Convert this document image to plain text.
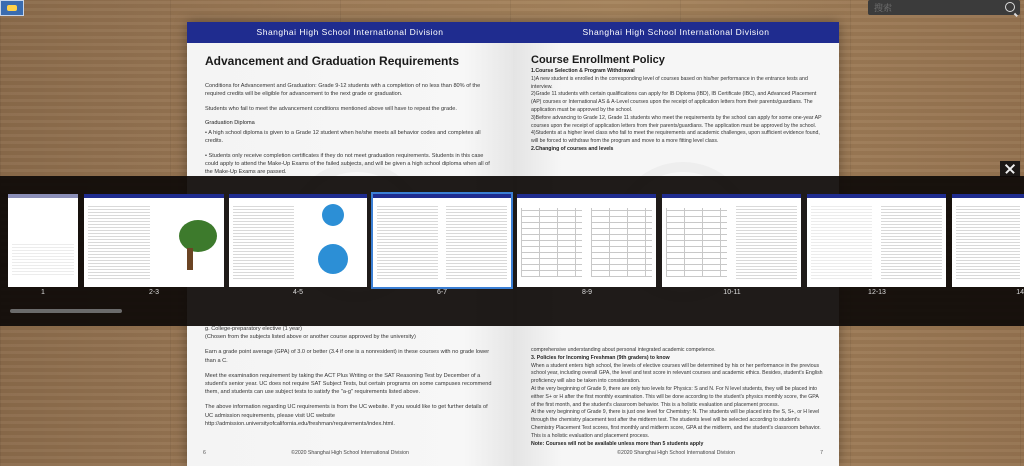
搜索
Shanghai High School International Division
Advancement and Graduation Requirements
Conditions for Advancement and Graduation: Grade 9-12 students with a completion of no less than 80% of the required credits will be eligible for advancement to the next grade or graduation.
Students who fail to meet the advancement conditions mentioned above will have to repeat the grade.
Graduation Diploma
• A high school diploma is given to a Grade 12 student when he/she meets all behavior codes and completes all credits.
• Students only receive completion certificates if they do not meet graduation requirements. Students in this case could apply to attend the Make-Up Exams of the failed subjects, and will be given a high school diploma when all of the Make-Up Exams are passed.
g. College-preparatory elective (1 year)
(Chosen from the subjects listed above or another course approved by the university)
Earn a grade point average (GPA) of 3.0 or better (3.4 if one is a nonresident) in these courses with no grade lower than a C.
Meet the examination requirement by taking the ACT Plus Writing or the SAT Reasoning Test by December of a student's senior year. UC does not require SAT Subject Tests, but certain programs on some campuses recommend them, and students can use subject tests to satisfy the "a-g" requirements listed above.
The above information regarding UC requirements is from the UC website. If you would like to get further details of UC admission requirements, please visit UC website http://admission.universityofcalifornia.edu/freshman/requirements/index.html.
6	©2020 Shanghai High School International Division
Shanghai High School International Division
Course Enrollment Policy
1.Course Selection & Program Withdrawal
1)A new student is enrolled in the corresponding level of courses based on his/her performance in the entrance tests and interview.
2)Grade 11 students with certain qualifications can apply for IB Diploma (IBD), IB Certificate (IBC), and Advanced Placement (AP) courses or International AS & A-Level courses upon the receipt of application letters from their parents/guardians. The application must be approved by the school.
3)Before advancing to Grade 12, Grade 11 students who meet the requirements by the school can apply for some one-year AP courses upon the receipt of application letters from their parents/guardians. The application must be approved by the school.
4)Students at a higher level class who fail to meet the requirements and academic challenges, upon sufficient evidence found, will be forced to withdraw from the program and move to a more fitting level class.
2.Changing of courses and levels
comprehensive understanding about personal integrated academic competence.
3. Policies for Incoming Freshman (9th graders) to know
When a student enters high school, the levels of elective courses will be determined by his or her performance in the previous school year, including overall GPA, the level and test score in relevant courses and academic ethics. Besides, student's English proficiency will also be taken into consideration.
At the very beginning of Grade 9, there are only two levels for Physics: S and N. For N level students, they will be placed into either S+ or H after the first monthly examination. This will be done according to the student's physics monthly score, the GPA of the first month, and the student's classroom behavior. This is a holistic evaluation and placement process.
At the very beginning of Grade 9, there is just one level for Chemistry: N. The students will be placed into the S, S+, or H level through the chemistry placement test after the midterm test. The students level will be selected according to student's Chemistry Placement Test scores, first monthly and midterm score, GPA at the midterm, and the student's classroom behavior. This is a holistic evaluation and placement process.
Note: Courses will not be available unless more than 5 students apply
7
©2020 Shanghai High School International Division
1	2-3	4-5	6-7	8-9	10-11	12-13	14
